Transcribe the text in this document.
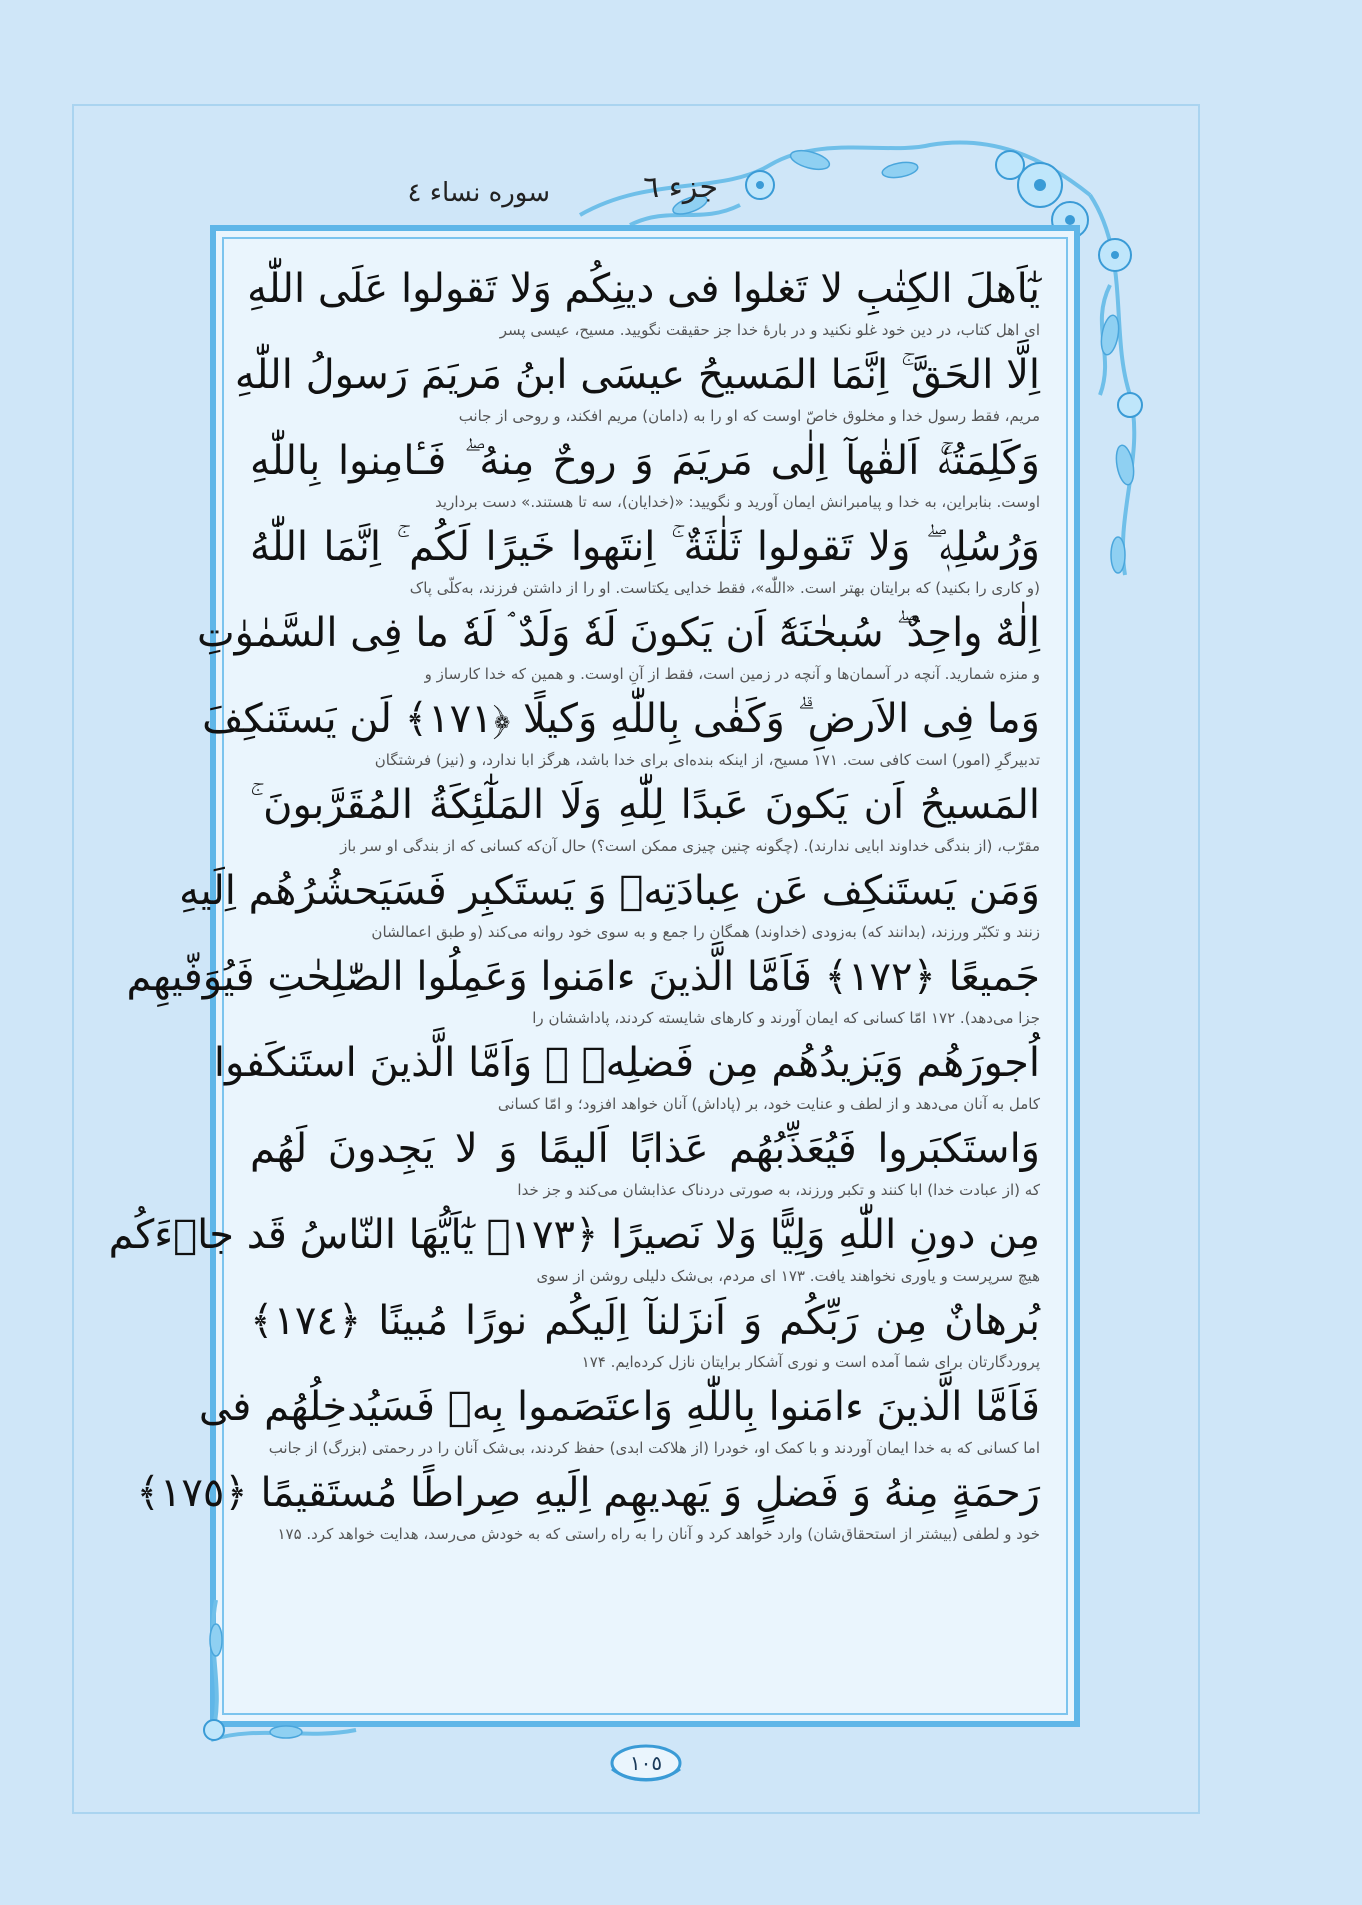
جزء ٦
سوره نساء ٤
يٰٓاَهلَ الكِتٰبِ لا تَغلوا فى دينِكُم وَلا تَقولوا عَلَى اللّٰهِ
ای اهل کتاب، در دین خود غلو نکنید و در بارهٔ خدا جز حقیقت نگویید. مسیح، عیسی پسر
اِلَّا الحَقَّ ۚ اِنَّمَا المَسيحُ عيسَى ابنُ مَريَمَ رَسولُ اللّٰهِ
مریم، فقط رسول خدا و مخلوق خاصّ اوست که او را به (دامان) مریم افکند، و روحی از جانب
وَكَلِمَتُهٗۚ اَلقٰهآ اِلٰى مَريَمَ وَ روحٌ مِنهُ ۖ فَـٔامِنوا بِاللّٰهِ
اوست. بنابراین، به خدا و پیامبرانش ایمان آورید و نگویید: «(خدایان)، سه تا هستند.» دست بردارید
وَرُسُلِهٖ ۖ وَلا تَقولوا ثَلٰثَةٌ ۚ اِنتَهوا خَيرًا لَكُم ۚ اِنَّمَا اللّٰهُ
(و کاری را بکنید) که برایتان بهتر است. «اللّٰه»، فقط خدایی یکتاست. او را از داشتن فرزند، به‌کلّی پاک
اِلٰهٌ واحِدٌ ۖ سُبحٰنَهٗٓ اَن يَكونَ لَهٗ وَلَدٌ ۘ لَهٗ ما فِى السَّمٰوٰتِ
و منزه شمارید. آنچه در آسمان‌ها و آنچه در زمین است، فقط از آنِ اوست. و همین که خدا کارساز و
وَما فِى الاَرضِ ۗ وَكَفٰى بِاللّٰهِ وَكيلًا ﴿١٧١﴾ لَن يَستَنكِفَ
تدبیرگرِ (امور) است کافی ست. ۱۷۱ مسیح، از اینکه بنده‌ای برای خدا باشد، هرگز ابا ندارد، و (نیز) فرشتگان
المَسيحُ اَن يَكونَ عَبدًا لِلّٰهِ وَلَا المَلٰٓئِكَةُ المُقَرَّبونَ ۚ
مقرّب، (از بندگی خداوند ابایی ندارند). (چگونه چنین چیزی ممکن است؟) حال آن‌که کسانی که از بندگی او سر باز
وَمَن يَستَنكِف عَن عِبادَتِهٖ وَ يَستَكبِر فَسَيَحشُرُهُم اِلَيهِ
زنند و تکبّر ورزند، (بدانند که) به‌زودی (خداوند) همگان را جمع و به سوی خود روانه می‌کند (و طبق اعمالشان
جَميعًا ﴿١٧٢﴾ فَاَمَّا الَّذينَ ءامَنوا وَعَمِلُوا الصّٰلِحٰتِ فَيُوَفّيهِم
جزا می‌دهد). ۱۷۲ امّا کسانی که ایمان آورند و کارهای شایسته کردند، پاداششان را
اُجورَهُم وَيَزيدُهُم مِن فَضلِهٖ ۖ وَاَمَّا الَّذينَ استَنكَفوا
کامل به آنان می‌دهد و از لطف و عنایت خود، بر (پاداش) آنان خواهد افزود؛ و امّا کسانی
وَاستَكبَروا فَيُعَذِّبُهُم عَذابًا اَليمًا وَ لا يَجِدونَ لَهُم
که (از عبادت خدا) ابا کنند و تکبر ورزند، به صورتی دردناک عذابشان می‌کند و جز خدا
مِن دونِ اللّٰهِ وَلِيًّا وَلا نَصيرًا ﴿١٧٣﴾ يٰٓاَيُّهَا النّاسُ قَد جاۤءَكُم
هیچ سرپرست و یاوری نخواهند یافت. ۱۷۳ ای مردم، بی‌شک دلیلی روشن از سوی
بُرهانٌ مِن رَبِّكُم وَ اَنزَلنآ اِلَيكُم نورًا مُبينًا ﴿١٧٤﴾
پروردگارتان برای شما آمده است و نوری آشکار برایتان نازل کرده‌ایم. ۱۷۴
فَاَمَّا الَّذينَ ءامَنوا بِاللّٰهِ وَاعتَصَموا بِهٖ فَسَيُدخِلُهُم فى
اما کسانی که به خدا ایمان آوردند و با کمک او، خودرا (از هلاکت ابدی) حفظ کردند، بی‌شک آنان را در رحمتی (بزرگ) از جانب
رَحمَةٍ مِنهُ وَ فَضلٍ وَ يَهديهِم اِلَيهِ صِراطًا مُستَقيمًا ﴿١٧٥﴾
خود و لطفی (بیشتر از استحقاق‌شان) وارد خواهد کرد و آنان را به راه راستی که به خودش می‌رسد، هدایت خواهد کرد. ۱۷۵
١٠٥
